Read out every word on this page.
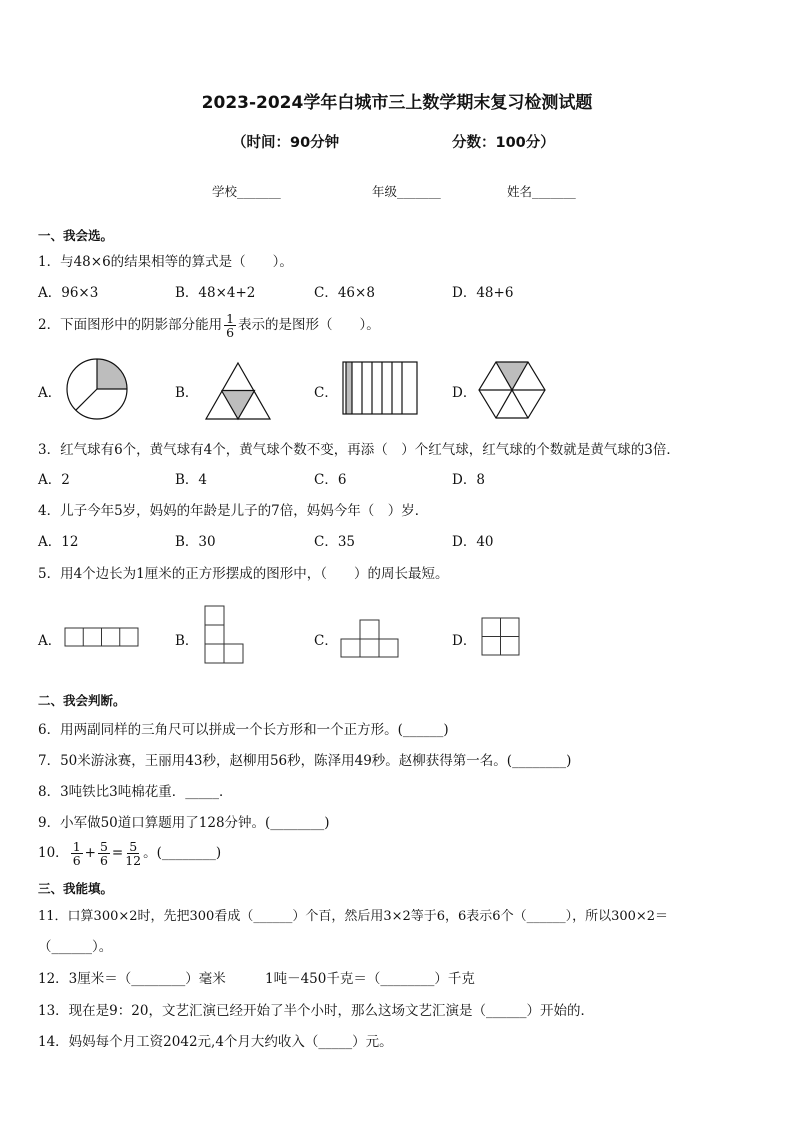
2023-2024学年白城市三上数学期末复习检测试题
（时间：90分钟	分数：100分）
学校_______	年级_______	姓名_______
一、我会选。
1．与48×6的结果相等的算式是（　　）。
A．96×3	B．48×4+2	C．46×8	D．48+6
2．下面图形中的阴影部分能用 $\frac{1}{6}$ 表示的是图形（　　）。
A．	B．	C．	D．
3．红气球有6个，黄气球有4个，黄气球个数不变，再添（　）个红气球，红气球的个数就是黄气球的3倍．
A．2	B．4	C．6	D．8
4．儿子今年5岁，妈妈的年龄是儿子的7倍，妈妈今年（　）岁．
A．12	B．30	C．35	D．40
5．用4个边长为1厘米的正方形摆成的图形中，（　　）的周长最短。
A．	B．	C．	D．
二、我会判断。
6．用两副同样的三角尺可以拼成一个长方形和一个正方形。(______)
7．50米游泳赛，王丽用43秒，赵柳用56秒，陈泽用49秒。赵柳获得第一名。(________)
8．3吨铁比3吨棉花重．_____．
9．小军做50道口算题用了128分钟。(________)
10． $\frac{1}{6} + \frac{5}{6} = \frac{5}{12}$ 。(________)
三、我能填。
11．口算300×2时，先把300看成（______）个百，然后用3×2等于6，6表示6个（______），所以300×2＝
（______）。
12．3厘米＝（________）毫米	1吨－450千克＝（________）千克
13．现在是9：20，文艺汇演已经开始了半个小时，那么这场文艺汇演是（______）开始的．
14．妈妈每个月工资2042元,4个月大约收入（_____）元。
